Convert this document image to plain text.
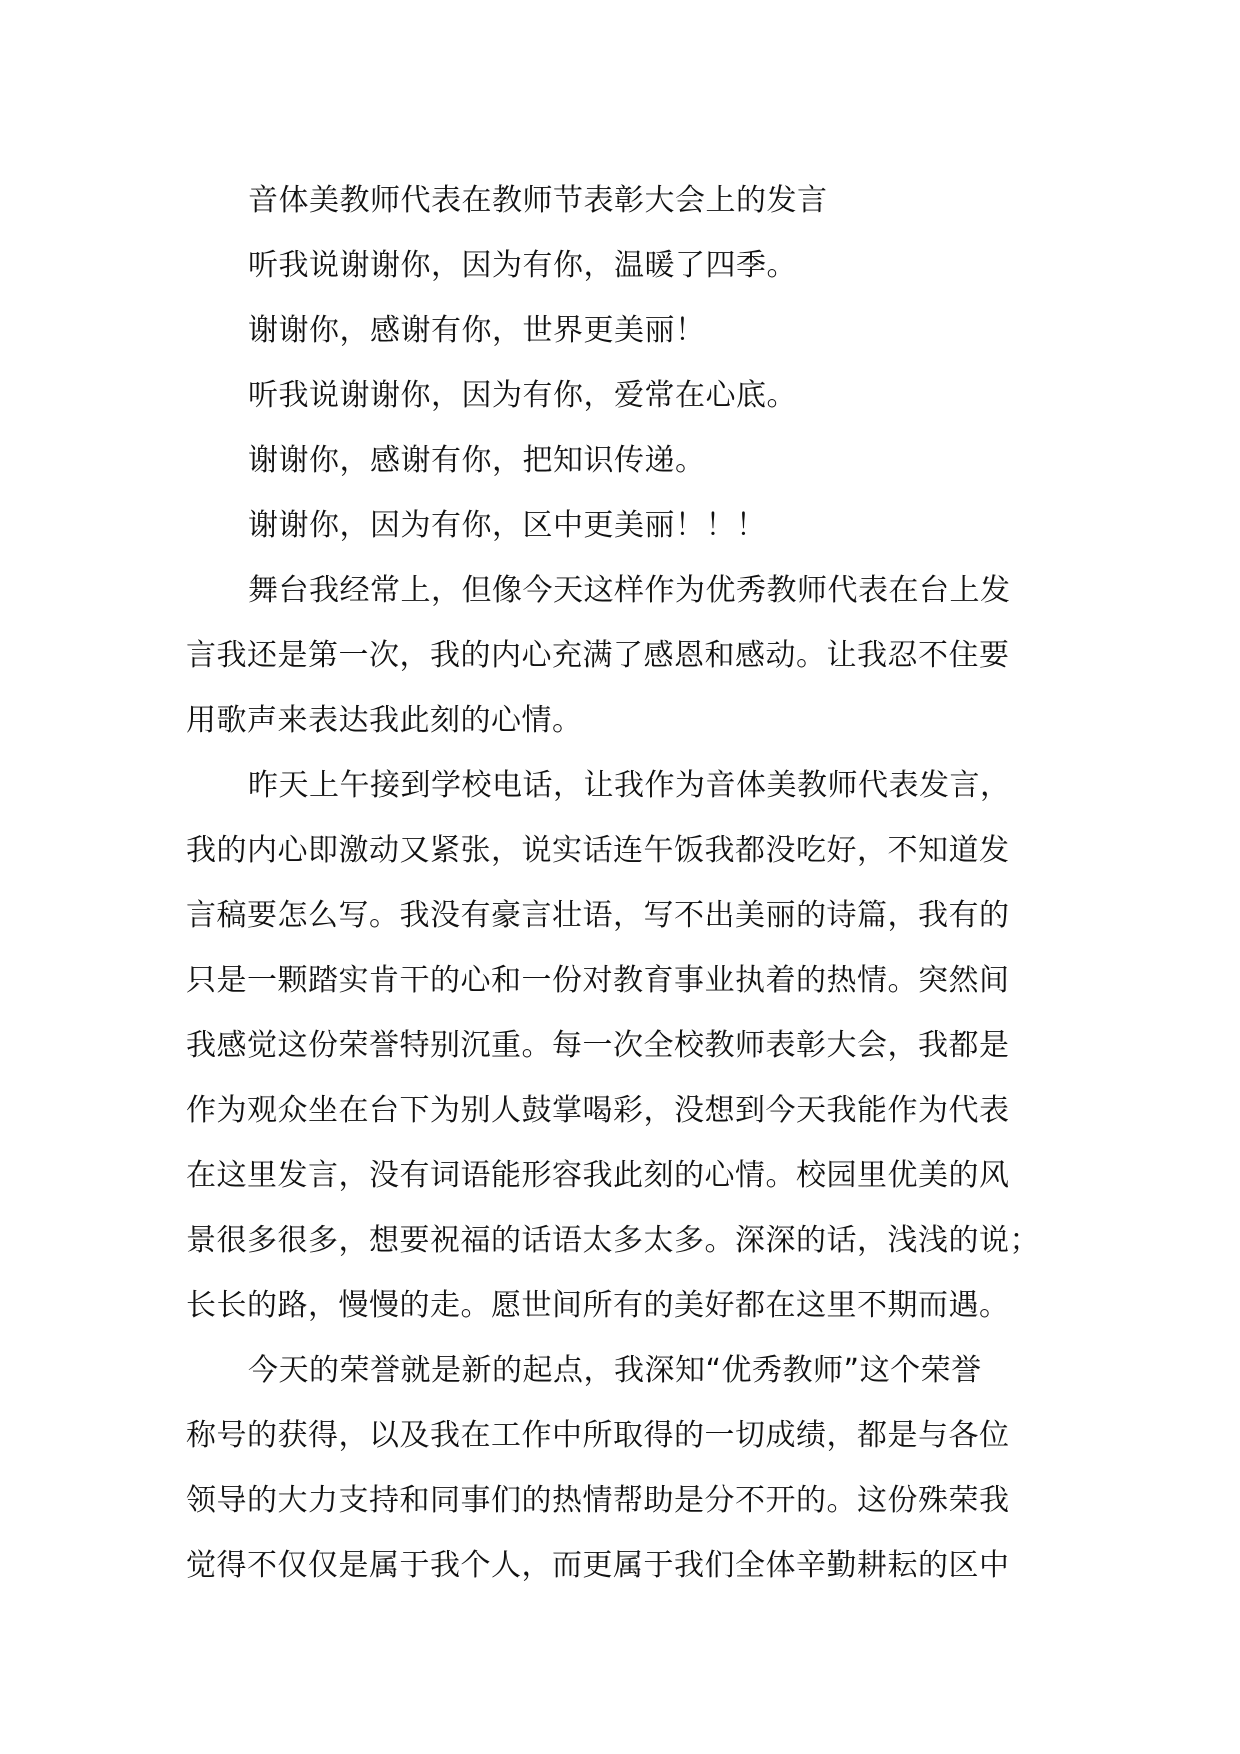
音体美教师代表在教师节表彰大会上的发言
听我说谢谢你，因为有你，温暖了四季。
谢谢你，感谢有你，世界更美丽！
听我说谢谢你，因为有你，爱常在心底。
谢谢你，感谢有你，把知识传递。
谢谢你，因为有你，区中更美丽！！！
舞台我经常上，但像今天这样作为优秀教师代表在台上发
言我还是第一次，我的内心充满了感恩和感动。让我忍不住要
用歌声来表达我此刻的心情。
昨天上午接到学校电话，让我作为音体美教师代表发言，
我的内心即激动又紧张，说实话连午饭我都没吃好，不知道发
言稿要怎么写。我没有豪言壮语，写不出美丽的诗篇，我有的
只是一颗踏实肯干的心和一份对教育事业执着的热情。突然间
我感觉这份荣誉特别沉重。每一次全校教师表彰大会，我都是
作为观众坐在台下为别人鼓掌喝彩，没想到今天我能作为代表
在这里发言，没有词语能形容我此刻的心情。校园里优美的风
景很多很多，想要祝福的话语太多太多。深深的话，浅浅的说；
长长的路，慢慢的走。愿世间所有的美好都在这里不期而遇。
今天的荣誉就是新的起点，我深知“优秀教师”这个荣誉
称号的获得，以及我在工作中所取得的一切成绩，都是与各位
领导的大力支持和同事们的热情帮助是分不开的。这份殊荣我
觉得不仅仅是属于我个人，而更属于我们全体辛勤耕耘的区中
